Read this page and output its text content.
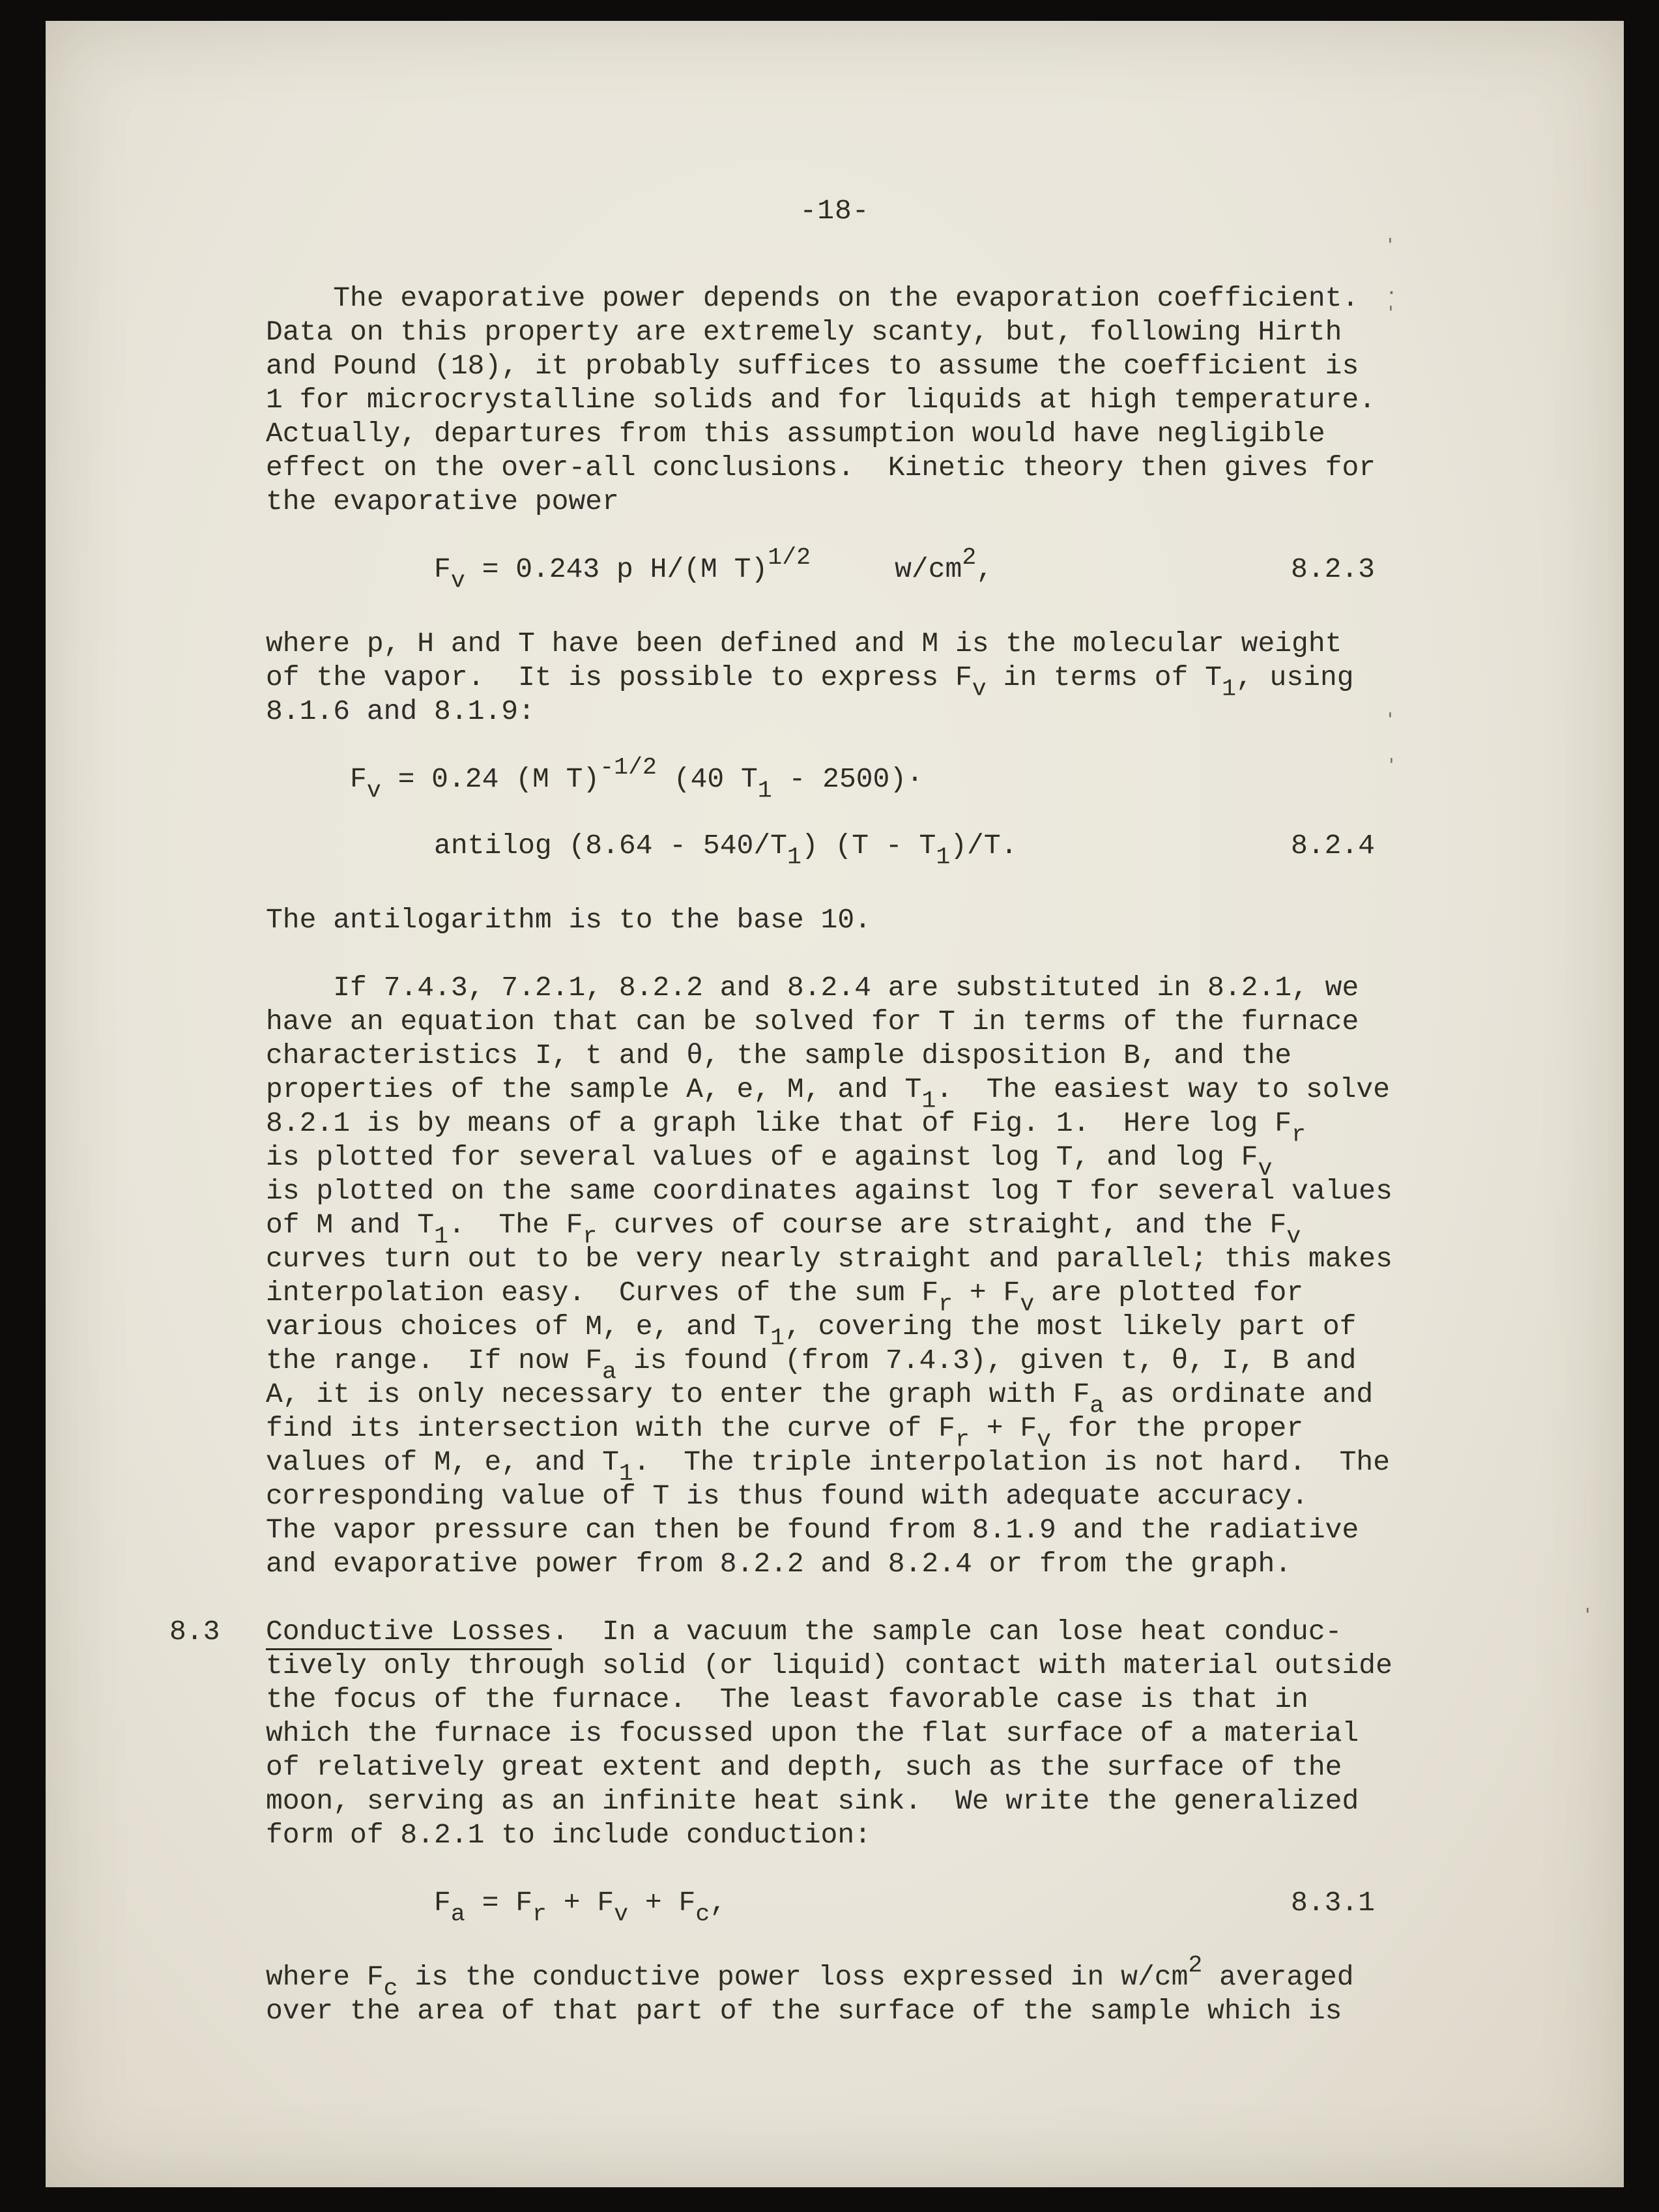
-18-
The evaporative power depends on the evaporation coefficient.
Data on this property are extremely scanty, but, following Hirth
and Pound (18), it probably suffices to assume the coefficient is
1 for microcrystalline solids and for liquids at high temperature.
Actually, departures from this assumption would have negligible
effect on the over-all conclusions.  Kinetic theory then gives for
the evaporative power
$F_v = 0.243$ p H/(M T)$^{1/2}$     $w/cm^2$,	8.2.3
where p, H and T have been defined and M is the molecular weight
of the vapor.  It is possible to express $F_v$ in terms of $T_1$, using
8.1.6 and 8.1.9:
$F_v = 0.24$ (M T)$^{-1/2}$ (40 $T_1 - 2500)\cdot$
antilog $(8.64 - 540/T_1)$ $(T - T_1)/T$.	8.2.4
The antilogarithm is to the base 10.
If 7.4.3, 7.2.1, 8.2.2 and 8.2.4 are substituted in 8.2.1, we
have an equation that can be solved for T in terms of the furnace
characteristics I, t and θ, the sample disposition B, and the
properties of the sample A, e, M, and $T_1$.  The easiest way to solve
8.2.1 is by means of a graph like that of Fig. 1.  Here $\log F_r$
is plotted for several values of e against log T, and $\log F_v$
is plotted on the same coordinates against log T for several values
of M and $T_1$.  The $F_r$ curves of course are straight, and the $F_v$
curves turn out to be very nearly straight and parallel; this makes
interpolation easy.  Curves of the sum $F_r + F_v$ are plotted for
various choices of M, e, and $T_1$, covering the most likely part of
the range.  If now $F_a$ is found (from 7.4.3), given t, θ, I, B and
A, it is only necessary to enter the graph with $F_a$ as ordinate and
find its intersection with the curve of $F_r + F_v$ for the proper
values of M, e, and $T_1$.  The triple interpolation is not hard.  The
corresponding value of T is thus found with adequate accuracy.
The vapor pressure can then be found from 8.1.9 and the radiative
and evaporative power from 8.2.2 and 8.2.4 or from the graph.
8.3 Conductive Losses.  In a vacuum the sample can lose heat conduc-
tively only through solid (or liquid) contact with material outside
the focus of the furnace.  The least favorable case is that in
which the furnace is focussed upon the flat surface of a material
of relatively great extent and depth, such as the surface of the
moon, serving as an infinite heat sink.  We write the generalized
form of 8.2.1 to include conduction:
$F_a = F_r + F_v + F_c$,	8.3.1
where $F_c$ is the conductive power loss expressed in $w/cm^2$ averaged
over the area of that part of the surface of the sample which is
'
.
'
'
'
'
